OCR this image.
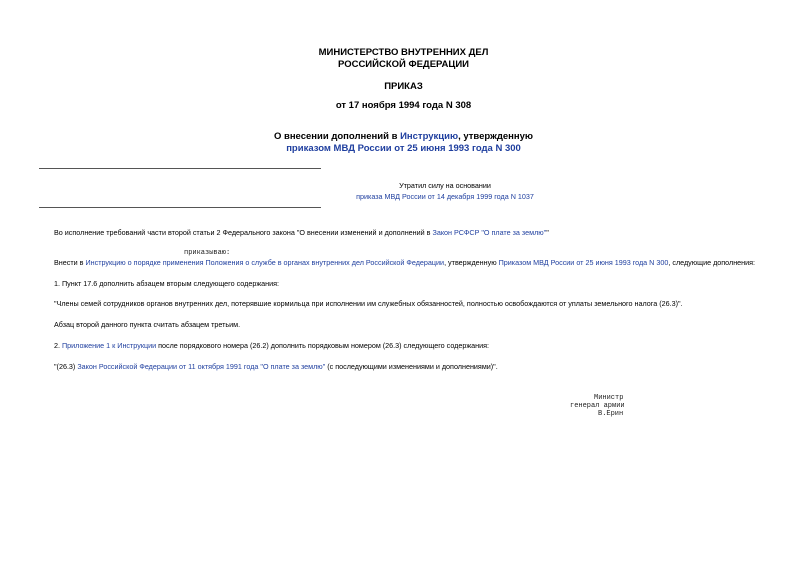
МИНИСТЕРСТВО ВНУТРЕННИХ ДЕЛ
РОССИЙСКОЙ ФЕДЕРАЦИИ
ПРИКАЗ
от 17 ноября 1994 года N 308
О внесении дополнений в Инструкцию, утвержденную
приказом МВД России от 25 июня 1993 года N 300
Утратил силу на основании
приказа МВД России от 14 декабря 1999 года N 1037
Во исполнение требований части второй статьи 2 Федерального закона "О внесении изменений и дополнений в Закон РСФСР "О плате за землю""
приказываю:
Внести в Инструкцию о порядке применения Положения о службе в органах внутренних дел Российской Федерации, утвержденную Приказом МВД России от 25 июня 1993 года N 300, следующие дополнения:
1. Пункт 17.6 дополнить абзацем вторым следующего содержания:
"Члены семей сотрудников органов внутренних дел, потерявшие кормильца при исполнении им служебных обязанностей, полностью освобождаются от уплаты земельного налога (26.3)".
Абзац второй данного пункта считать абзацем третьим.
2. Приложение 1 к Инструкции после порядкового номера (26.2) дополнить порядковым номером (26.3) следующего содержания:
"(26.3) Закон Российской Федерации от 11 октября 1991 года "О плате за землю" (с последующими изменениями и дополнениями)".
Министр
генерал армии
В.Ерин
